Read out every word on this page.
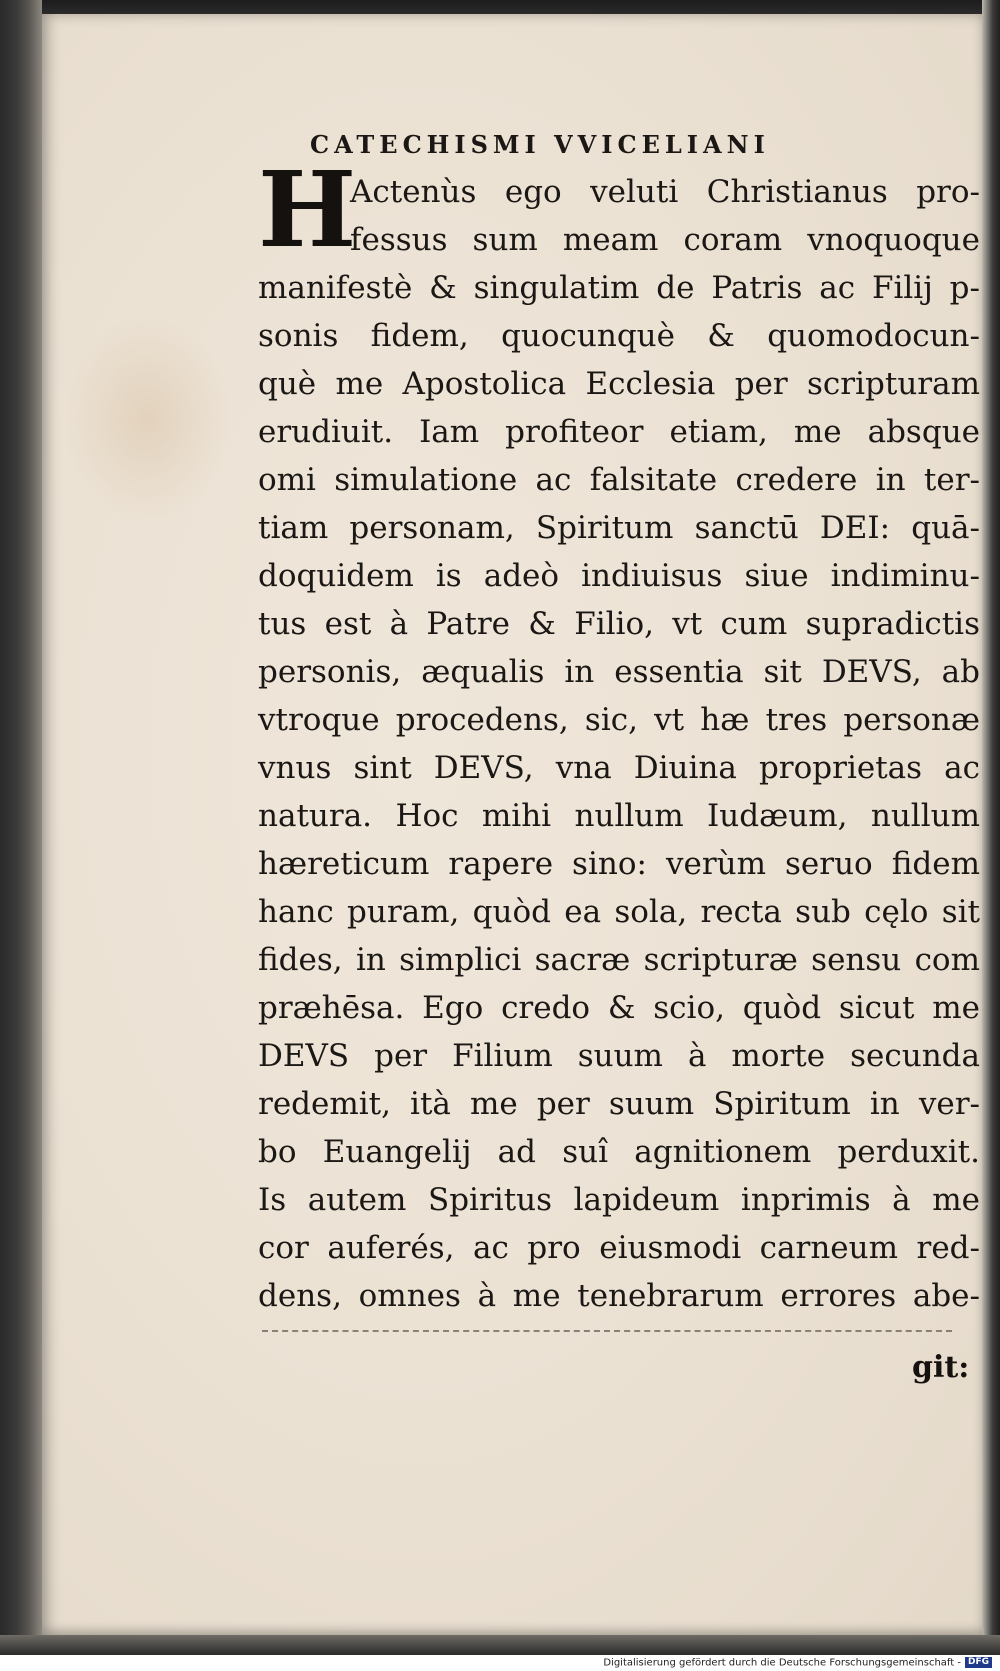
CATECHISMI VVICELIANI
H
Actenùs ego veluti Christianus pro-
fessus sum meam coram vnoquoque
manifestè & singulatim de Patris ac Filij p-
sonis fidem, quocunquè & quomodocun-
què me Apostolica Ecclesia per scripturam
erudiuit. Iam profiteor etiam, me absque
omi simulatione ac falsitate credere in ter-
tiam personam, Spiritum sanctū DEI: quā-
doquidem is adeò indiuisus siue indiminu-
tus est à Patre & Filio, vt cum supradictis
personis, æqualis in essentia sit DEVS, ab
vtroque procedens, sic, vt hæ tres personæ
vnus sint DEVS, vna Diuina proprietas ac
natura. Hoc mihi nullum Iudæum, nullum
hæreticum rapere sino: verùm seruo fidem
hanc puram, quòd ea sola, recta sub cęlo sit
fides, in simplici sacræ scripturæ sensu com
præhēsa. Ego credo & scio, quòd sicut me
DEVS per Filium suum à morte secunda
redemit, ità me per suum Spiritum in ver-
bo Euangelij ad suî agnitionem perduxit.
Is autem Spiritus lapideum inprimis à me
cor auferés, ac pro eiusmodi carneum red-
dens, omnes à me tenebrarum errores abe-
git:
Digitalisierung gefördert durch die Deutsche Forschungsgemeinschaft - DFG
